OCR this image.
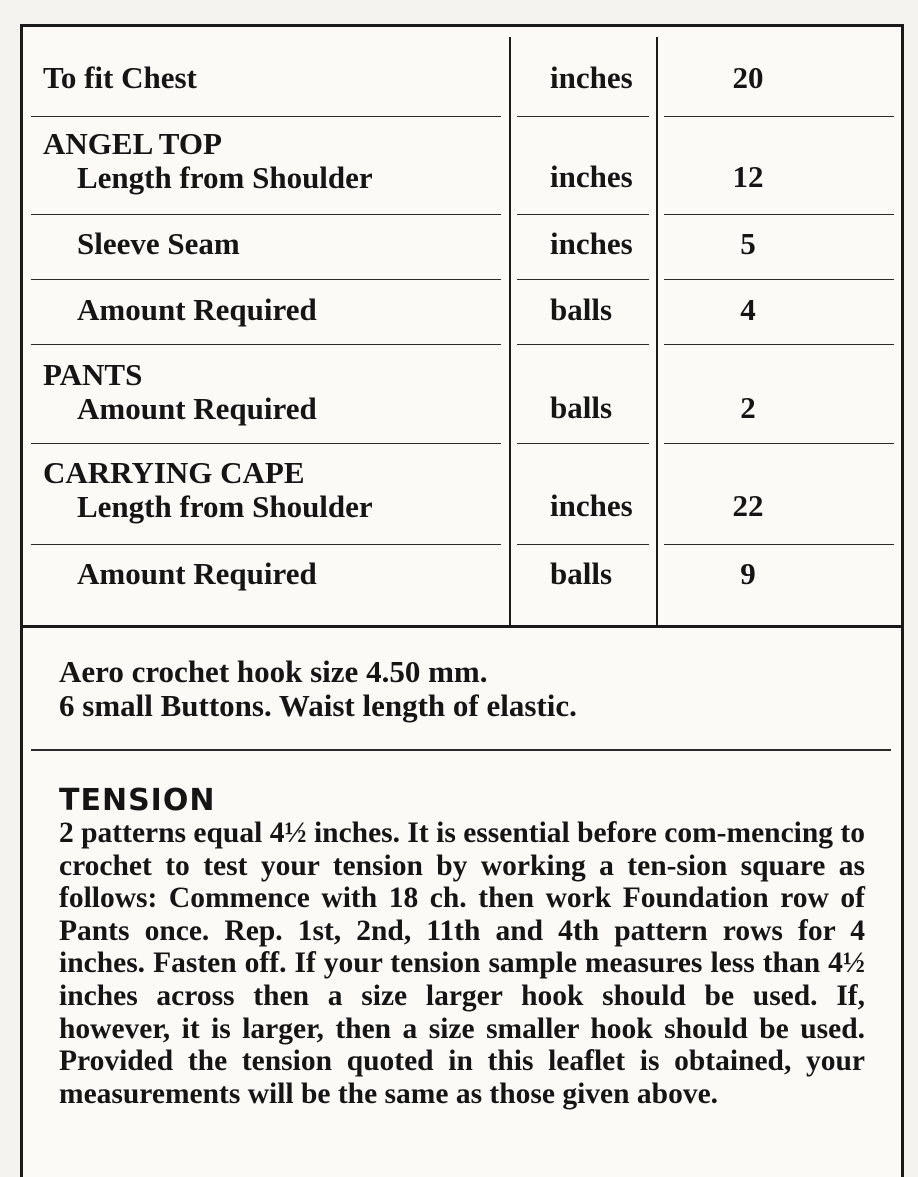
To fit Chest	inches	20
ANGEL TOP
Length from Shoulder	inches	12
Sleeve Seam	inches	5
Amount Required	balls	4
PANTS
Amount Required	balls	2
CARRYING CAPE
Length from Shoulder	inches	22
Amount Required	balls	9
Aero crochet hook size 4.50 mm.
6 small Buttons. Waist length of elastic.
TENSION
2 patterns equal 4½ inches. It is essential before com-mencing to crochet to test your tension by working a ten-sion square as follows: Commence with 18 ch. then work Foundation row of Pants once. Rep. 1st, 2nd, 11th and 4th pattern rows for 4 inches. Fasten off. If your tension sample measures less than 4½ inches across then a size larger hook should be used. If, however, it is larger, then a size smaller hook should be used. Provided the tension quoted in this leaflet is obtained, your measurements will be the same as those given above.
